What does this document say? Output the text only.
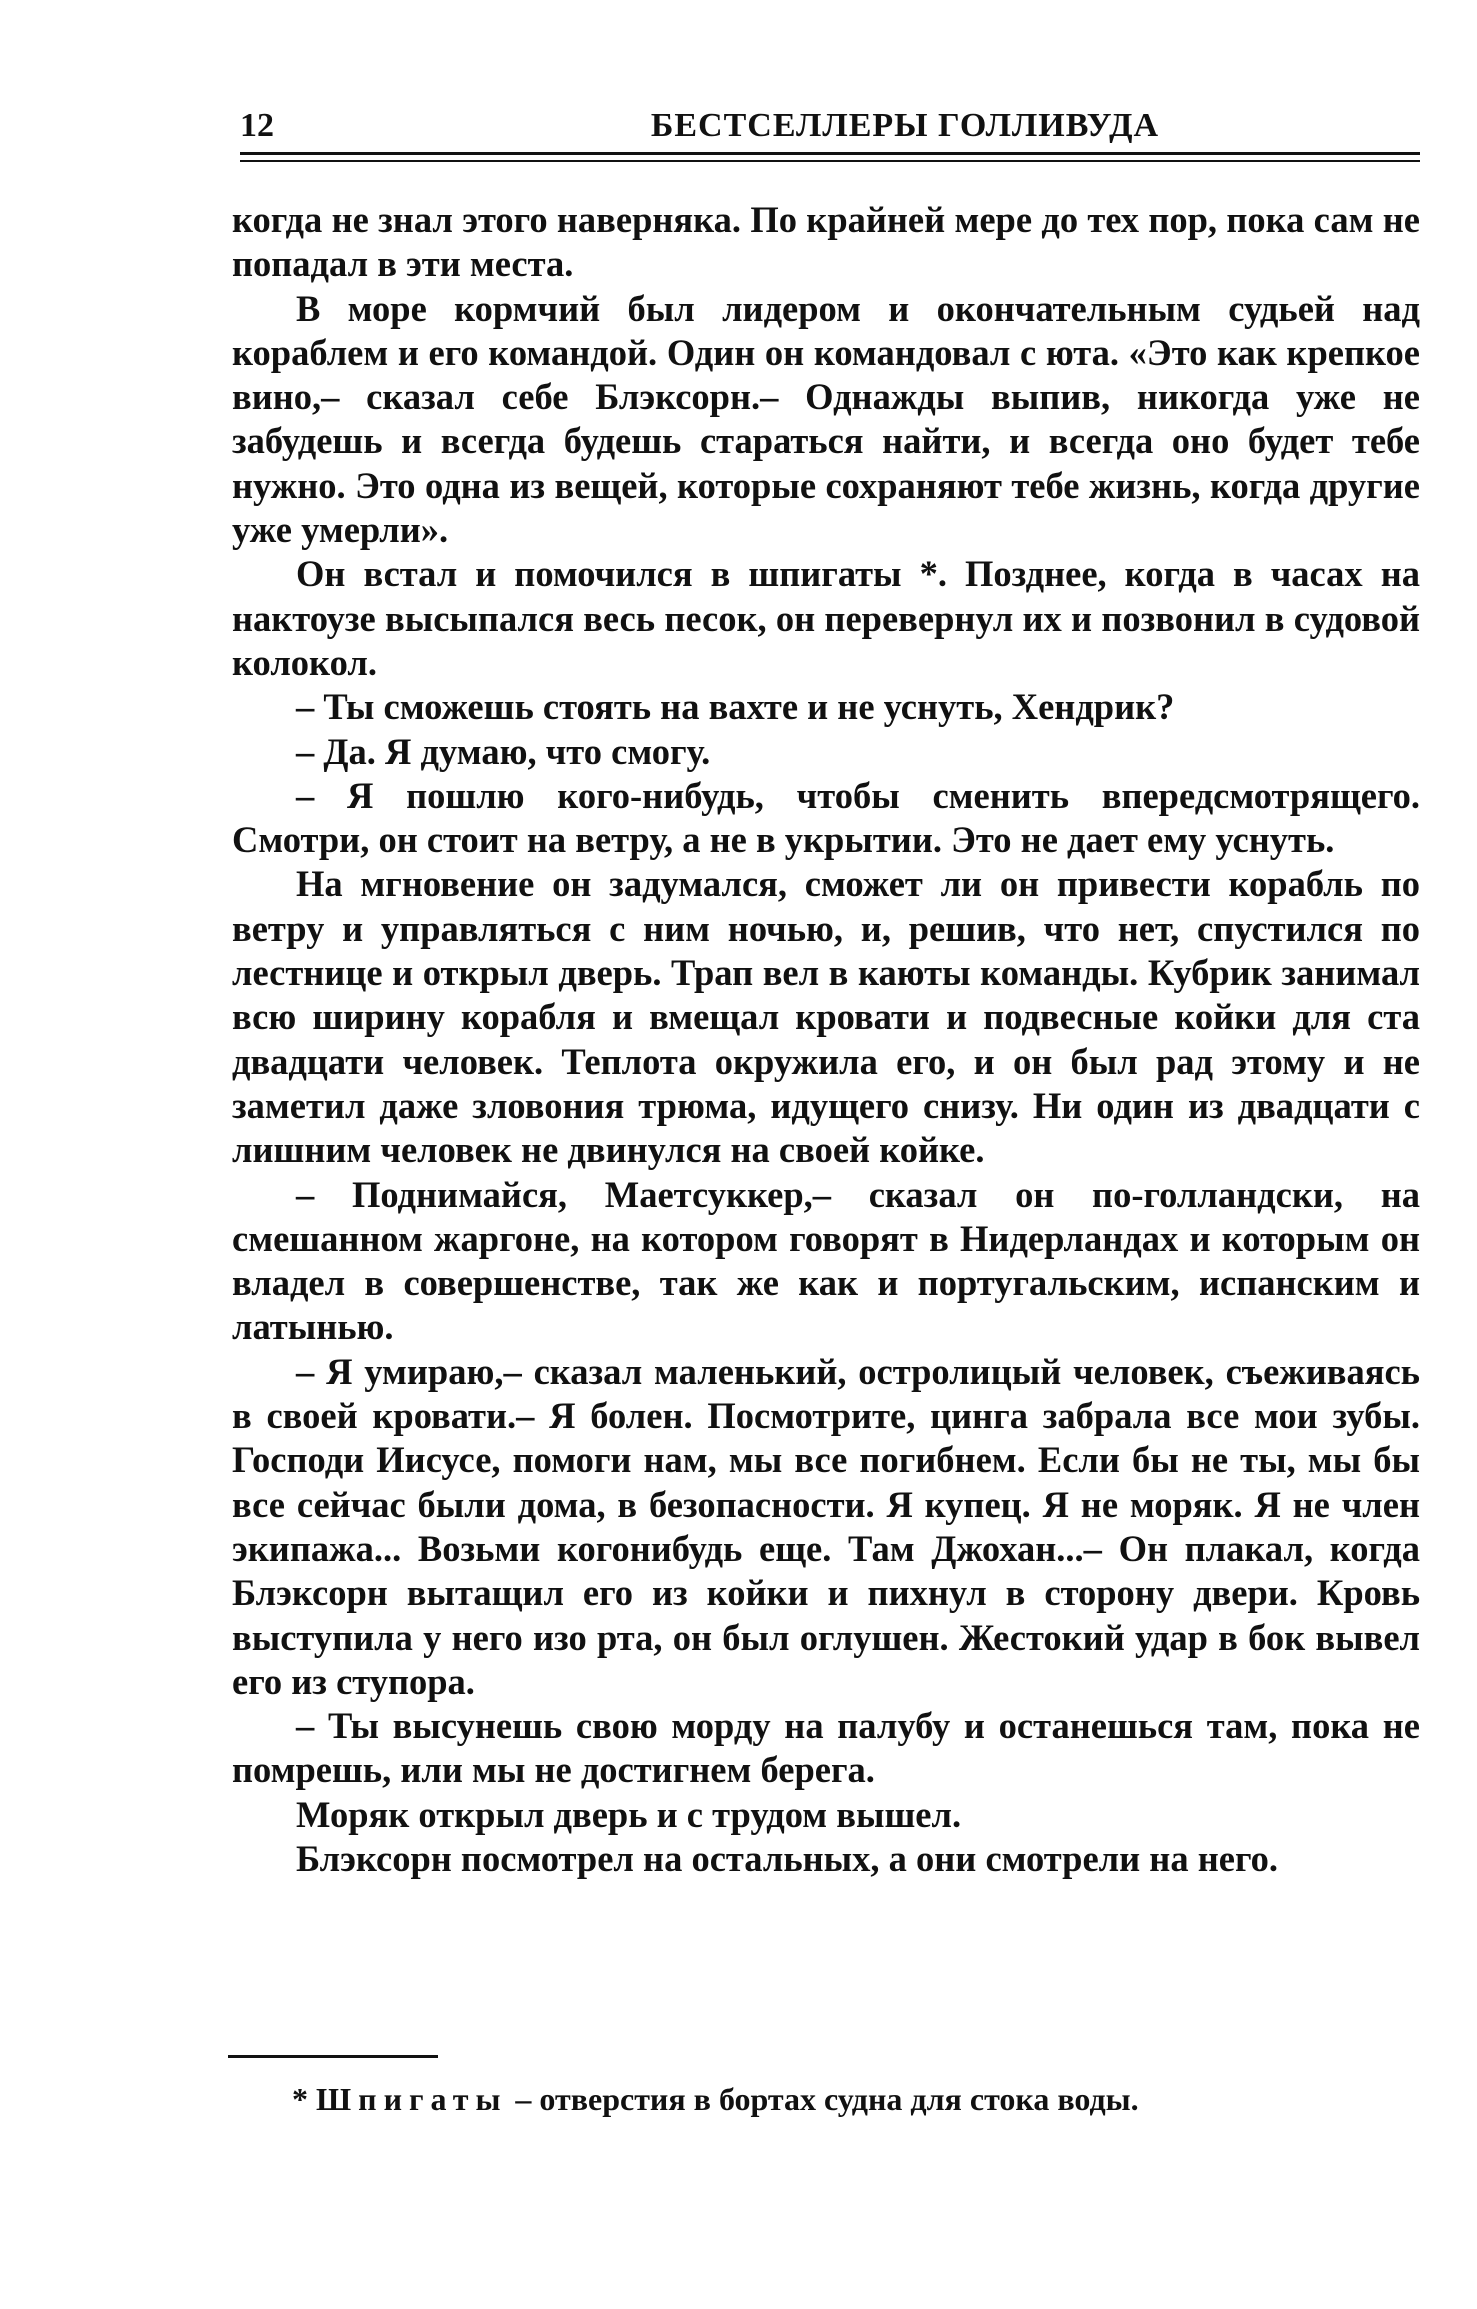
12	БЕСТСЕЛЛЕРЫ ГОЛЛИВУДА

когда не знал этого наверняка. По крайней мере до тех пор, пока сам не попадал в эти места.

В море кормчий был лидером и окончательным судьей над кораблем и его командой. Один он командовал с юта. «Это как крепкое вино,– сказал себе Блэксорн.– Однажды выпив, никогда уже не забудешь и всегда будешь стараться найти, и всегда оно будет тебе нужно. Это одна из вещей, которые сохраняют тебе жизнь, когда другие уже умерли».

Он встал и помочился в шпигаты *. Позднее, когда в часах на нактоузе высыпался весь песок, он перевернул их и позвонил в судовой колокол.

– Ты сможешь стоять на вахте и не уснуть, Хендрик?

– Да. Я думаю, что смогу.

– Я пошлю кого-нибудь, чтобы сменить впередсмотрящего. Смотри, он стоит на ветру, а не в укрытии. Это не дает ему уснуть.

На мгновение он задумался, сможет ли он привести корабль по ветру и управляться с ним ночью, и, решив, что нет, спустился по лестнице и открыл дверь. Трап вел в каюты команды. Кубрик занимал всю ширину корабля и вмещал кровати и подвесные койки для ста двадцати человек. Теплота окружила его, и он был рад этому и не заметил даже зловония трюма, идущего снизу. Ни один из двадцати с лишним человек не двинулся на своей койке.

– Поднимайся, Маетсуккер,– сказал он по-голландски, на смешанном жаргоне, на котором говорят в Нидерландах и которым он владел в совершенстве, так же как и португальским, испанским и латынью.

– Я умираю,– сказал маленький, остролицый человек, съеживаясь в своей кровати.– Я болен. Посмотрите, цинга забрала все мои зубы. Господи Иисусе, помоги нам, мы все погибнем. Если бы не ты, мы бы все сейчас были дома, в безопасности. Я купец. Я не моряк. Я не член экипажа... Возьми когонибудь еще. Там Джохан...– Он плакал, когда Блэксорн вытащил его из койки и пихнул в сторону двери. Кровь выступила у него изо рта, он был оглушен. Жестокий удар в бок вывел его из ступора.

– Ты высунешь свою морду на палубу и останешься там, пока не помрешь, или мы не достигнем берега.

Моряк открыл дверь и с трудом вышел.

Блэксорн посмотрел на остальных, а они смотрели на него.

* Шпигаты – отверстия в бортах судна для стока воды.
